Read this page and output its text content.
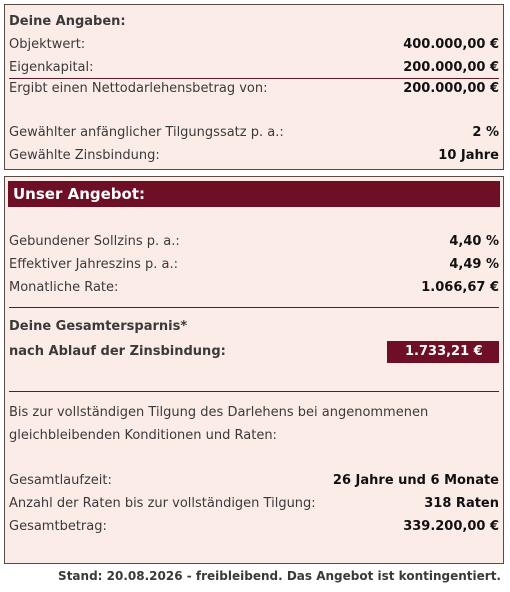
Deine Angaben:
Objektwert:	400.000,00 €
Eigenkapital:	200.000,00 €
Ergibt einen Nettodarlehensbetrag von:	200.000,00 €
Gewählter anfänglicher Tilgungssatz p. a.:	2 %
Gewählte Zinsbindung:	10 Jahre
Unser Angebot:
Gebundener Sollzins p. a.:	4,40 %
Effektiver Jahreszins p. a.:	4,49 %
Monatliche Rate:	1.066,67 €
Deine Gesamtersparnis*
nach Ablauf der Zinsbindung:	1.733,21 €
Bis zur vollständigen Tilgung des Darlehens bei angenommenen
gleichbleibenden Konditionen und Raten:
Gesamtlaufzeit:	26 Jahre und 6 Monate
Anzahl der Raten bis zur vollständigen Tilgung:	318 Raten
Gesamtbetrag:	339.200,00 €
Stand: 20.08.2026 - freibleibend. Das Angebot ist kontingentiert.
